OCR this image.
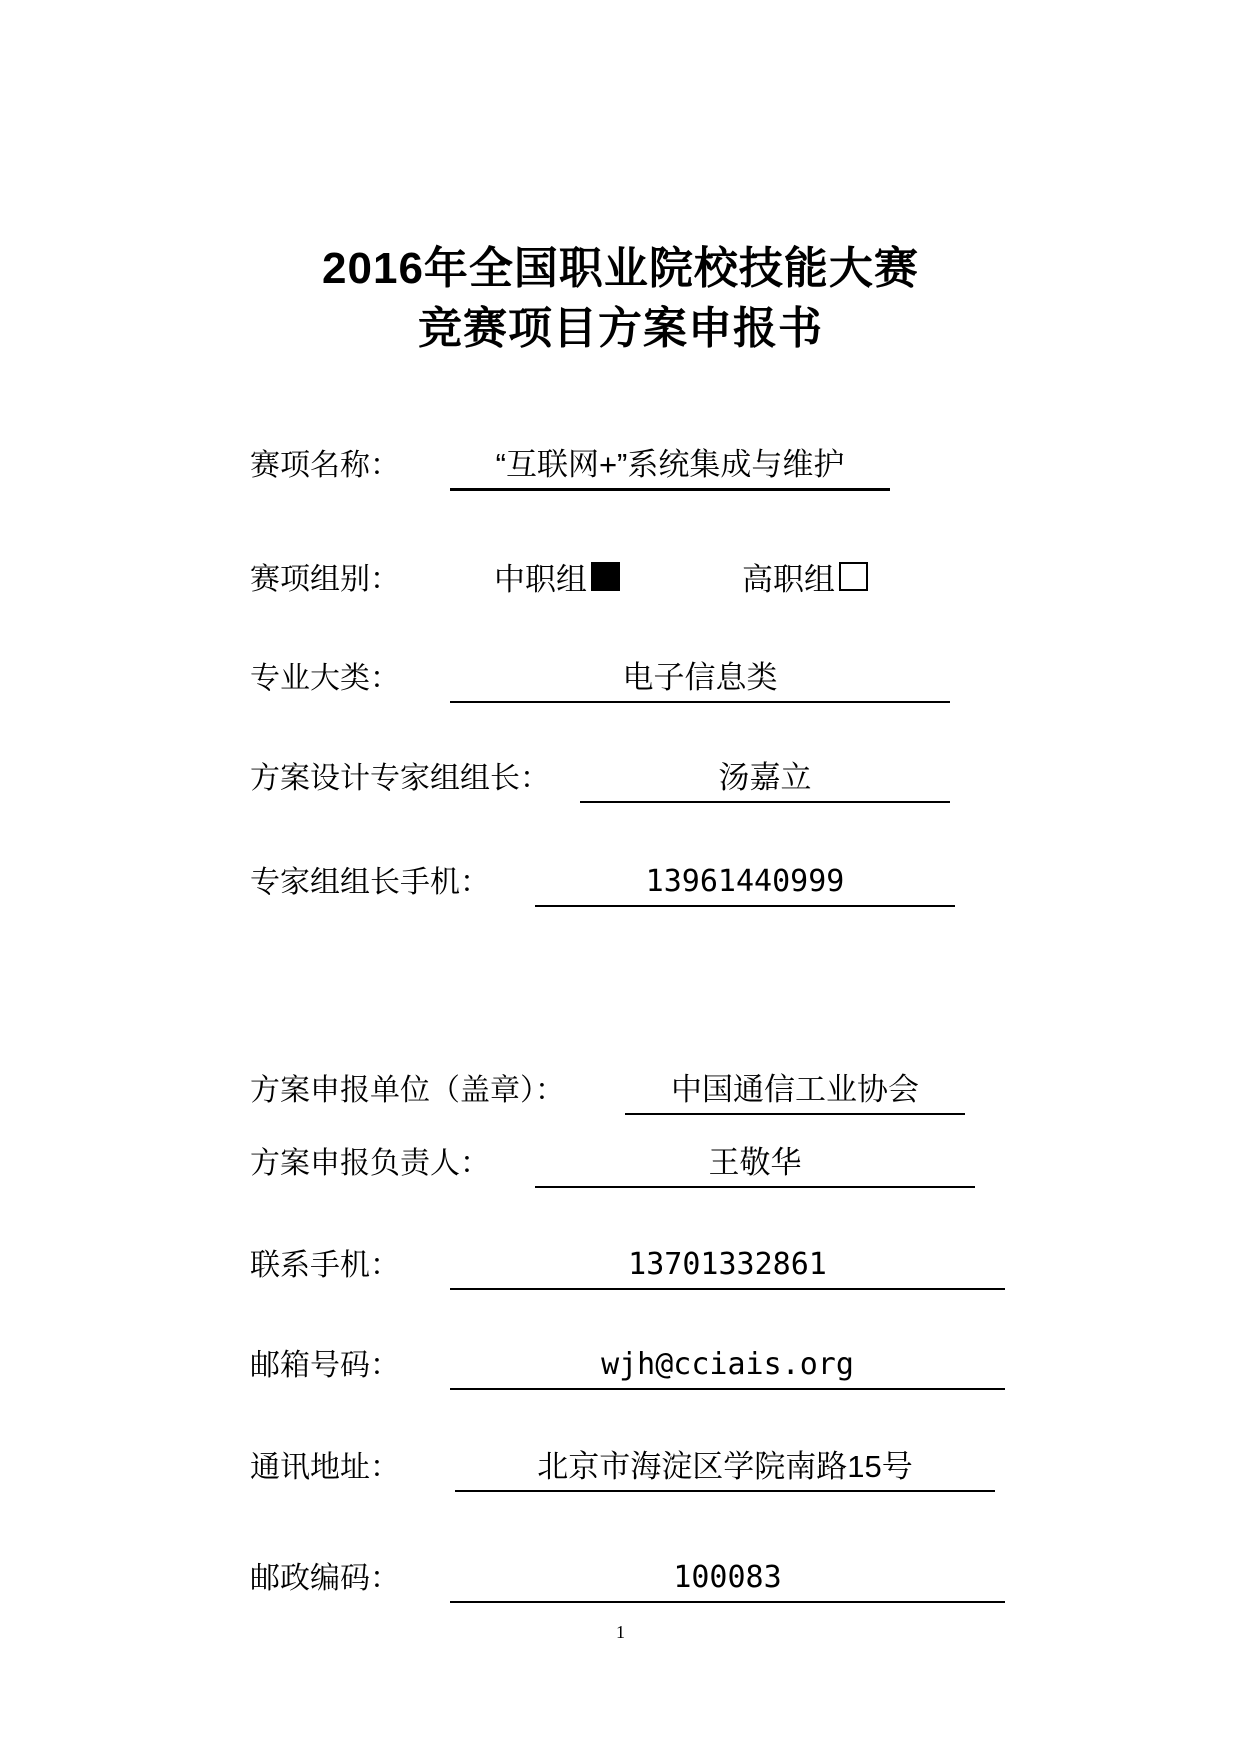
2016年全国职业院校技能大赛
竞赛项目方案申报书
赛项名称：	“互联网+”系统集成与维护
赛项组别：	中职组	高职组
专业大类：	电子信息类
方案设计专家组组长：	汤嘉立
专家组组长手机：	13961440999
方案申报单位（盖章）：	中国通信工业协会
方案申报负责人：	王敬华
联系手机：	13701332861
邮箱号码：	wjh@cciais.org
通讯地址：	北京市海淀区学院南路15号
邮政编码：	100083
1
